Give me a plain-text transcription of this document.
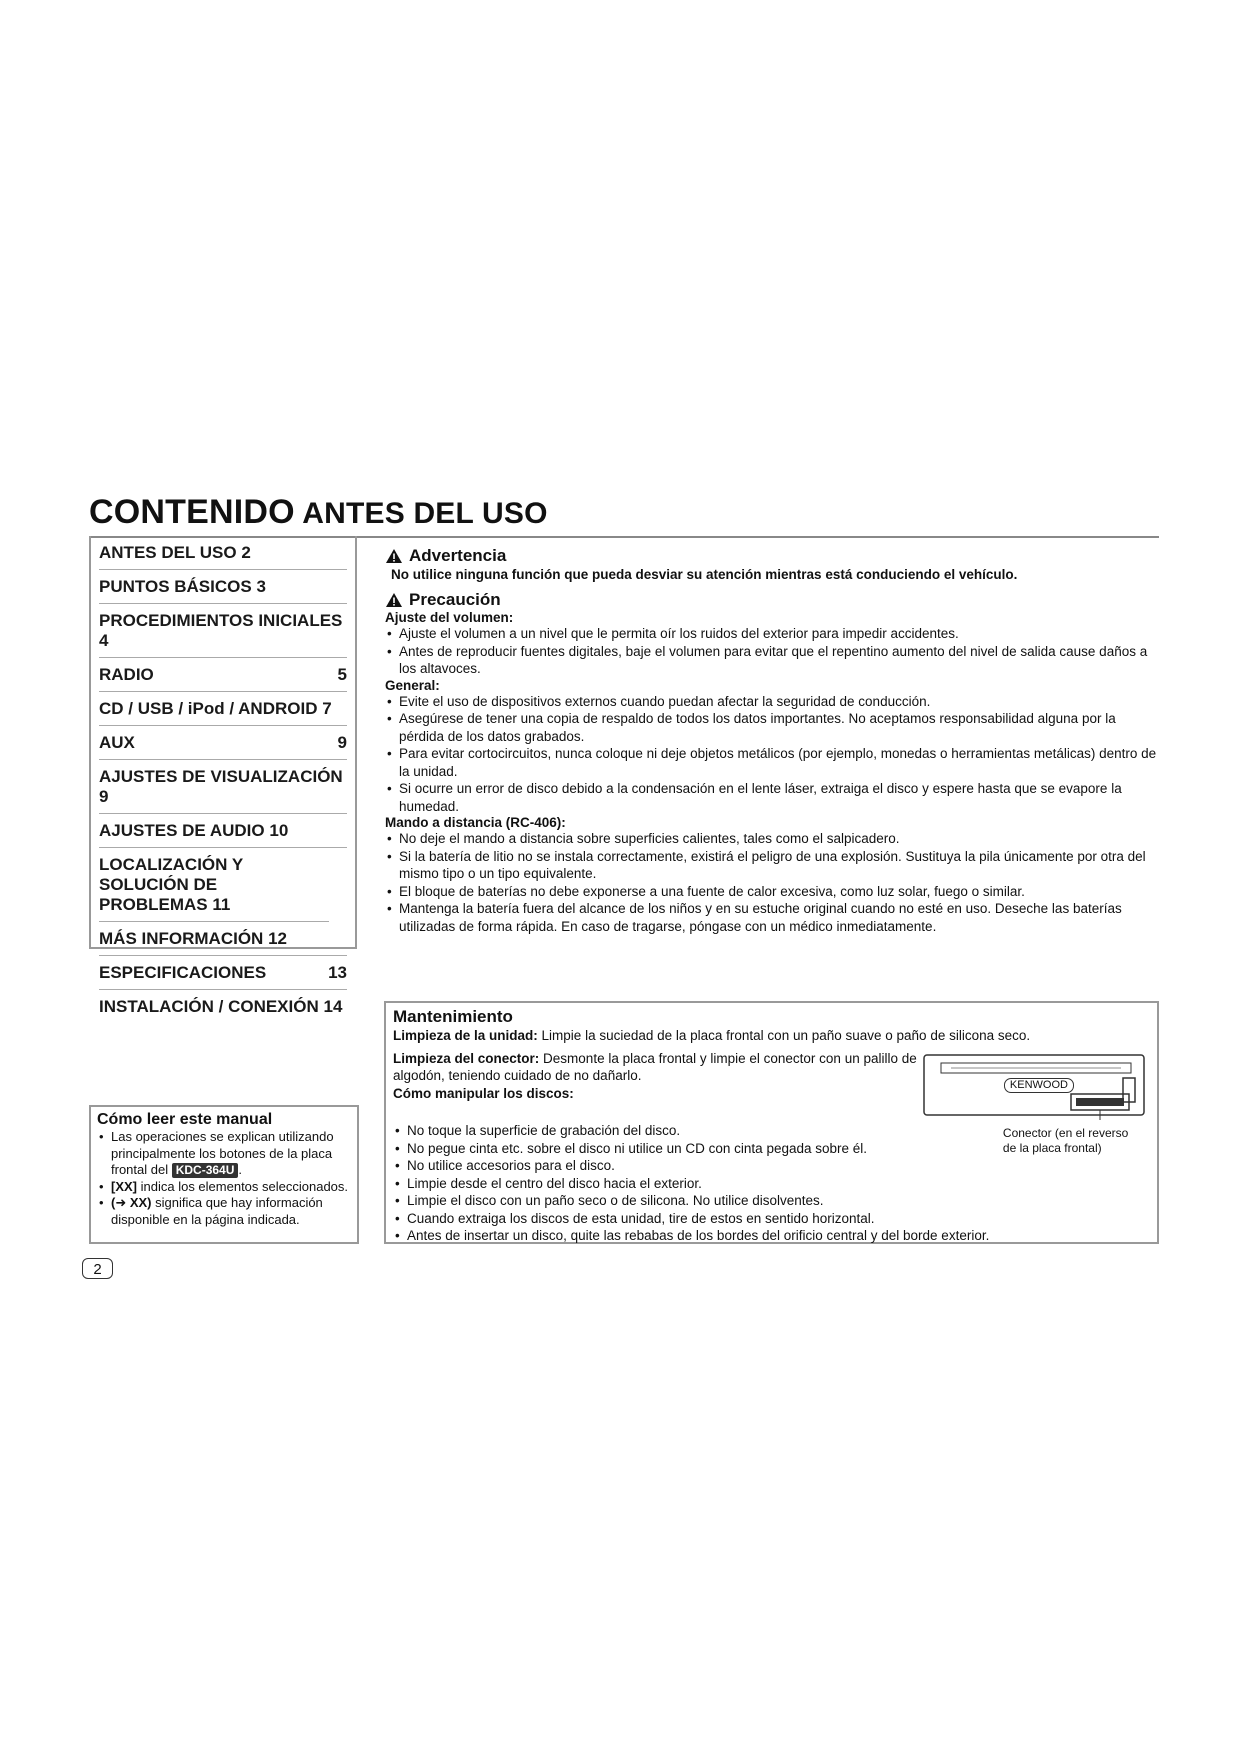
CONTENIDO ANTES DEL USO
ANTES DEL USO 2
PUNTOS BÁSICOS 3
PROCEDIMIENTOS INICIALES 4
RADIO	5
CD / USB / iPod / ANDROID 7
AUX	9
AJUSTES DE VISUALIZACIÓN 9
AJUSTES DE AUDIO 10
LOCALIZACIÓN Y SOLUCIÓN DE PROBLEMAS 11
MÁS INFORMACIÓN 12
ESPECIFICACIONES	13
INSTALACIÓN / CONEXIÓN 14
Advertencia
No utilice ninguna función que pueda desviar su atención mientras está conduciendo el vehículo.
Precaución
Ajuste del volumen:
• Ajuste el volumen a un nivel que le permita oír los ruidos del exterior para impedir accidentes.
• Antes de reproducir fuentes digitales, baje el volumen para evitar que el repentino aumento del nivel de salida cause daños a los altavoces.
General:
• Evite el uso de dispositivos externos cuando puedan afectar la seguridad de conducción.
• Asegúrese de tener una copia de respaldo de todos los datos importantes. No aceptamos responsabilidad alguna por la pérdida de los datos grabados.
• Para evitar cortocircuitos, nunca coloque ni deje objetos metálicos (por ejemplo, monedas o herramientas metálicas) dentro de la unidad.
• Si ocurre un error de disco debido a la condensación en el lente láser, extraiga el disco y espere hasta que se evapore la humedad.
Mando a distancia (RC-406):
• No deje el mando a distancia sobre superficies calientes, tales como el salpicadero.
• Si la batería de litio no se instala correctamente, existirá el peligro de una explosión. Sustituya la pila únicamente por otra del mismo tipo o un tipo equivalente.
• El bloque de baterías no debe exponerse a una fuente de calor excesiva, como luz solar, fuego o similar.
• Mantenga la batería fuera del alcance de los niños y en su estuche original cuando no esté en uso. Deseche las baterías utilizadas de forma rápida. En caso de tragarse, póngase con un médico inmediatamente.
Mantenimiento
Limpieza de la unidad: Limpie la suciedad de la placa frontal con un paño suave o paño de silicona seco.
Limpieza del conector: Desmonte la placa frontal y limpie el conector con un palillo de algodón, teniendo cuidado de no dañarlo.
Cómo manipular los discos:
KENWOOD
Conector (en el reverso de la placa frontal)
• No toque la superficie de grabación del disco.
• No pegue cinta etc. sobre el disco ni utilice un CD con cinta pegada sobre él.
• No utilice accesorios para el disco.
• Limpie desde el centro del disco hacia el exterior.
• Limpie el disco con un paño seco o de silicona. No utilice disolventes.
• Cuando extraiga los discos de esta unidad, tire de estos en sentido horizontal.
• Antes de insertar un disco, quite las rebabas de los bordes del orificio central y del borde exterior.
Cómo leer este manual
• Las operaciones se explican utilizando principalmente los botones de la placa frontal del KDC-364U .
• [XX] indica los elementos seleccionados.
• (➜ XX) significa que hay información disponible en la página indicada.
2
